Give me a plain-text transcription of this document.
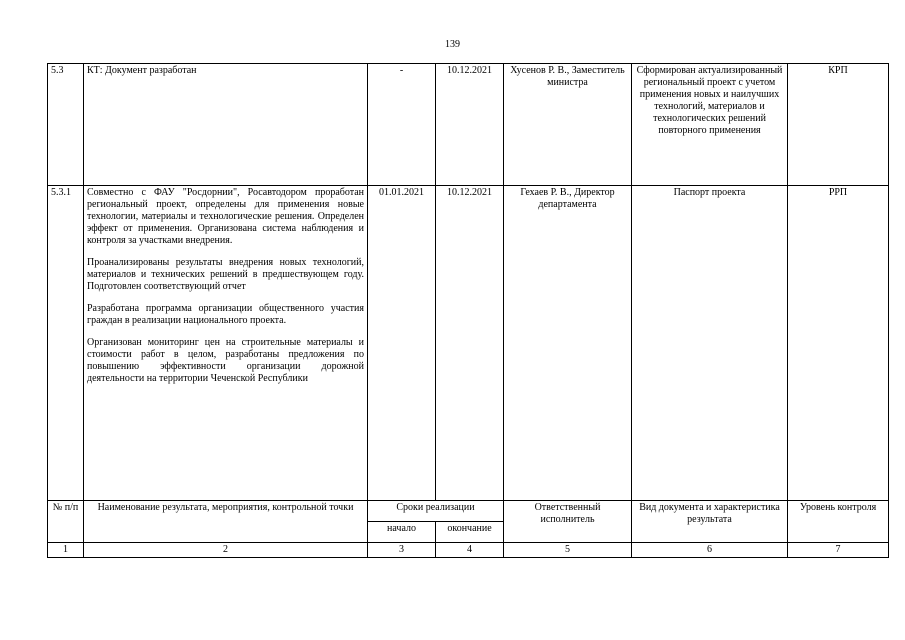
139
5.3	КТ: Документ разработан	-	10.12.2021	Хусенов Р. В., Заместитель министра	Сформирован актуализированный региональный проект с учетом применения новых и наилучших технологий, материалов и технологических решений повторного применения	КРП
5.3.1	Совместно с ФАУ "Росдорнии", Росавтодором проработан региональный проект, определены для применения новые технологии, материалы и технологические решения. Определен эффект от применения. Организована система наблюдения и контроля за участками внедрения.

Проанализированы результаты внедрения новых технологий, материалов и технических решений в предшествующем году. Подготовлен соответствующий отчет

Разработана программа организации общественного участия граждан в реализации национального проекта.

Организован мониторинг цен на строительные материалы и стоимости работ в целом, разработаны предложения по повышению эффективности организации дорожной деятельности на территории Чеченской Республики	01.01.2021	10.12.2021	Гехаев Р. В., Директор департамента	Паспорт проекта	РРП
№ п/п	Наименование результата, мероприятия, контрольной точки	Сроки реализации		Ответственный исполнитель	Вид документа и характеристика результата	Уровень контроля
		начало	окончание			
1	2	3	4	5	6	7
